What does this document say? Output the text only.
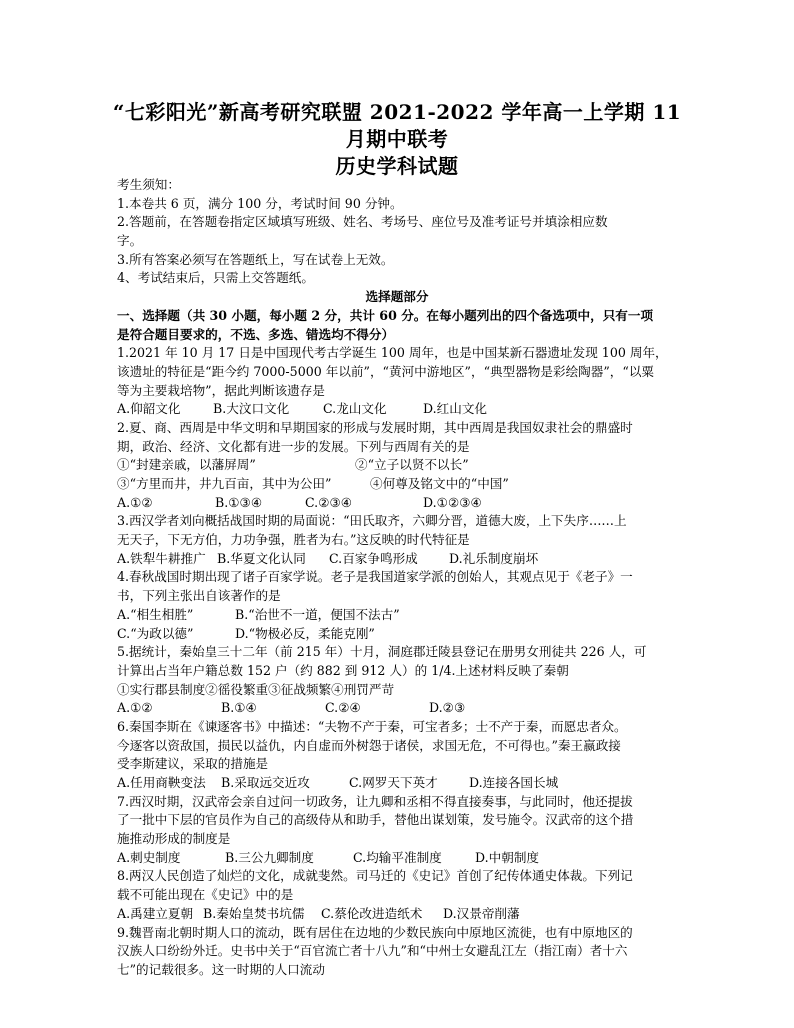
“七彩阳光”新高考研究联盟 2021-2022 学年高一上学期 11
月期中联考
历史学科试题
考生须知：
1.本卷共 6 页，满分 100 分，考试时间 90 分钟。
2.答题前，在答题卷指定区域填写班级、姓名、考场号、座位号及准考证号并填涂相应数
字。
3.所有答案必须写在答题纸上，写在试卷上无效。
4、考试结束后，只需上交答题纸。
选择题部分
一、选择题（共 30 小题，每小题 2 分，共计 60 分。在每小题列出的四个备选项中，只有一项
是符合题目要求的，不选、多选、错选均不得分）
1.2021 年 10 月 17 日是中国现代考古学诞生 100 周年，也是中国某新石器遗址发现 100 周年，
该遗址的特征是“距今约 7000-5000 年以前”，“黄河中游地区”，“典型器物是彩绘陶器”，“以粟
等为主要栽培物”，据此判断该遗存是
A.仰韶文化	B.大汶口文化	C.龙山文化	D.红山文化
2.夏、商、西周是中华文明和早期国家的形成与发展时期，其中西周是我国奴隶社会的鼎盛时
期，政治、经济、文化都有进一步的发展。下列与西周有关的是
①“封建亲戚，以藩屏周”	②“立子以贤不以长”
③“方里而井，井九百亩，其中为公田”	④何尊及铭文中的“中国”
A.①②	B.①③④	C.②③④	D.①②③④
3.西汉学者刘向概括战国时期的局面说：“田氏取齐，六卿分晋，道德大废，上下失序……上
无天子，下无方伯，力功争强，胜者为右。”这反映的时代特征是
A.铁犁牛耕推广 B.华夏文化认同 C.百家争鸣形成 D.礼乐制度崩坏
4.春秋战国时期出现了诸子百家学说。老子是我国道家学派的创始人，其观点见于《老子》一
书，下列主张出自该著作的是
A.“相生相胜”	B.“治世不一道，便国不法古”
C.“为政以德”	D.“物极必反，柔能克刚”
5.据统计，秦始皇三十二年（前 215 年）十月，洞庭郡迁陵县登记在册男女刑徒共 226 人，可
计算出占当年户籍总数 152 户（约 882 到 912 人）的 1/4.上述材料反映了秦朝
①实行郡县制度②徭役繁重③征战频繁④刑罚严苛
A.①②	B.①④	C.②④	D.②③
6.秦国李斯在《谏逐客书》中描述：“夫物不产于秦，可宝者多；士不产于秦，而愿忠者众。
今逐客以资敌国，损民以益仇，内自虚而外树怨于诸侯，求国无危，不可得也。”秦王嬴政接
受李斯建议，采取的措施是
A.任用商鞅变法 B.采取远交近攻	C.网罗天下英才 D.连接各国长城
7.西汉时期，汉武帝会亲自过问一切政务，让九卿和丞相不得直接奏事，与此同时，他还提拔
了一批中下层的官员作为自己的高级侍从和助手，替他出谋划策，发号施令。汉武帝的这个措
施推动形成的制度是
A.刺史制度	B.三公九卿制度	C.均输平准制度	D.中朝制度
8.两汉人民创造了灿烂的文化，成就斐然。司马迁的《史记》首创了纪传体通史体裁。下列记
载不可能出现在《史记》中的是
A.禹建立夏朝 B.秦始皇焚书坑儒 C.蔡伦改进造纸术 D.汉景帝削藩
9.魏晋南北朝时期人口的流动，既有居住在边地的少数民族向中原地区流徙，也有中原地区的
汉族人口纷纷外迁。史书中关于“百官流亡者十八九”和“中州士女避乱江左（指江南）者十六
七”的记载很多。这一时期的人口流动
